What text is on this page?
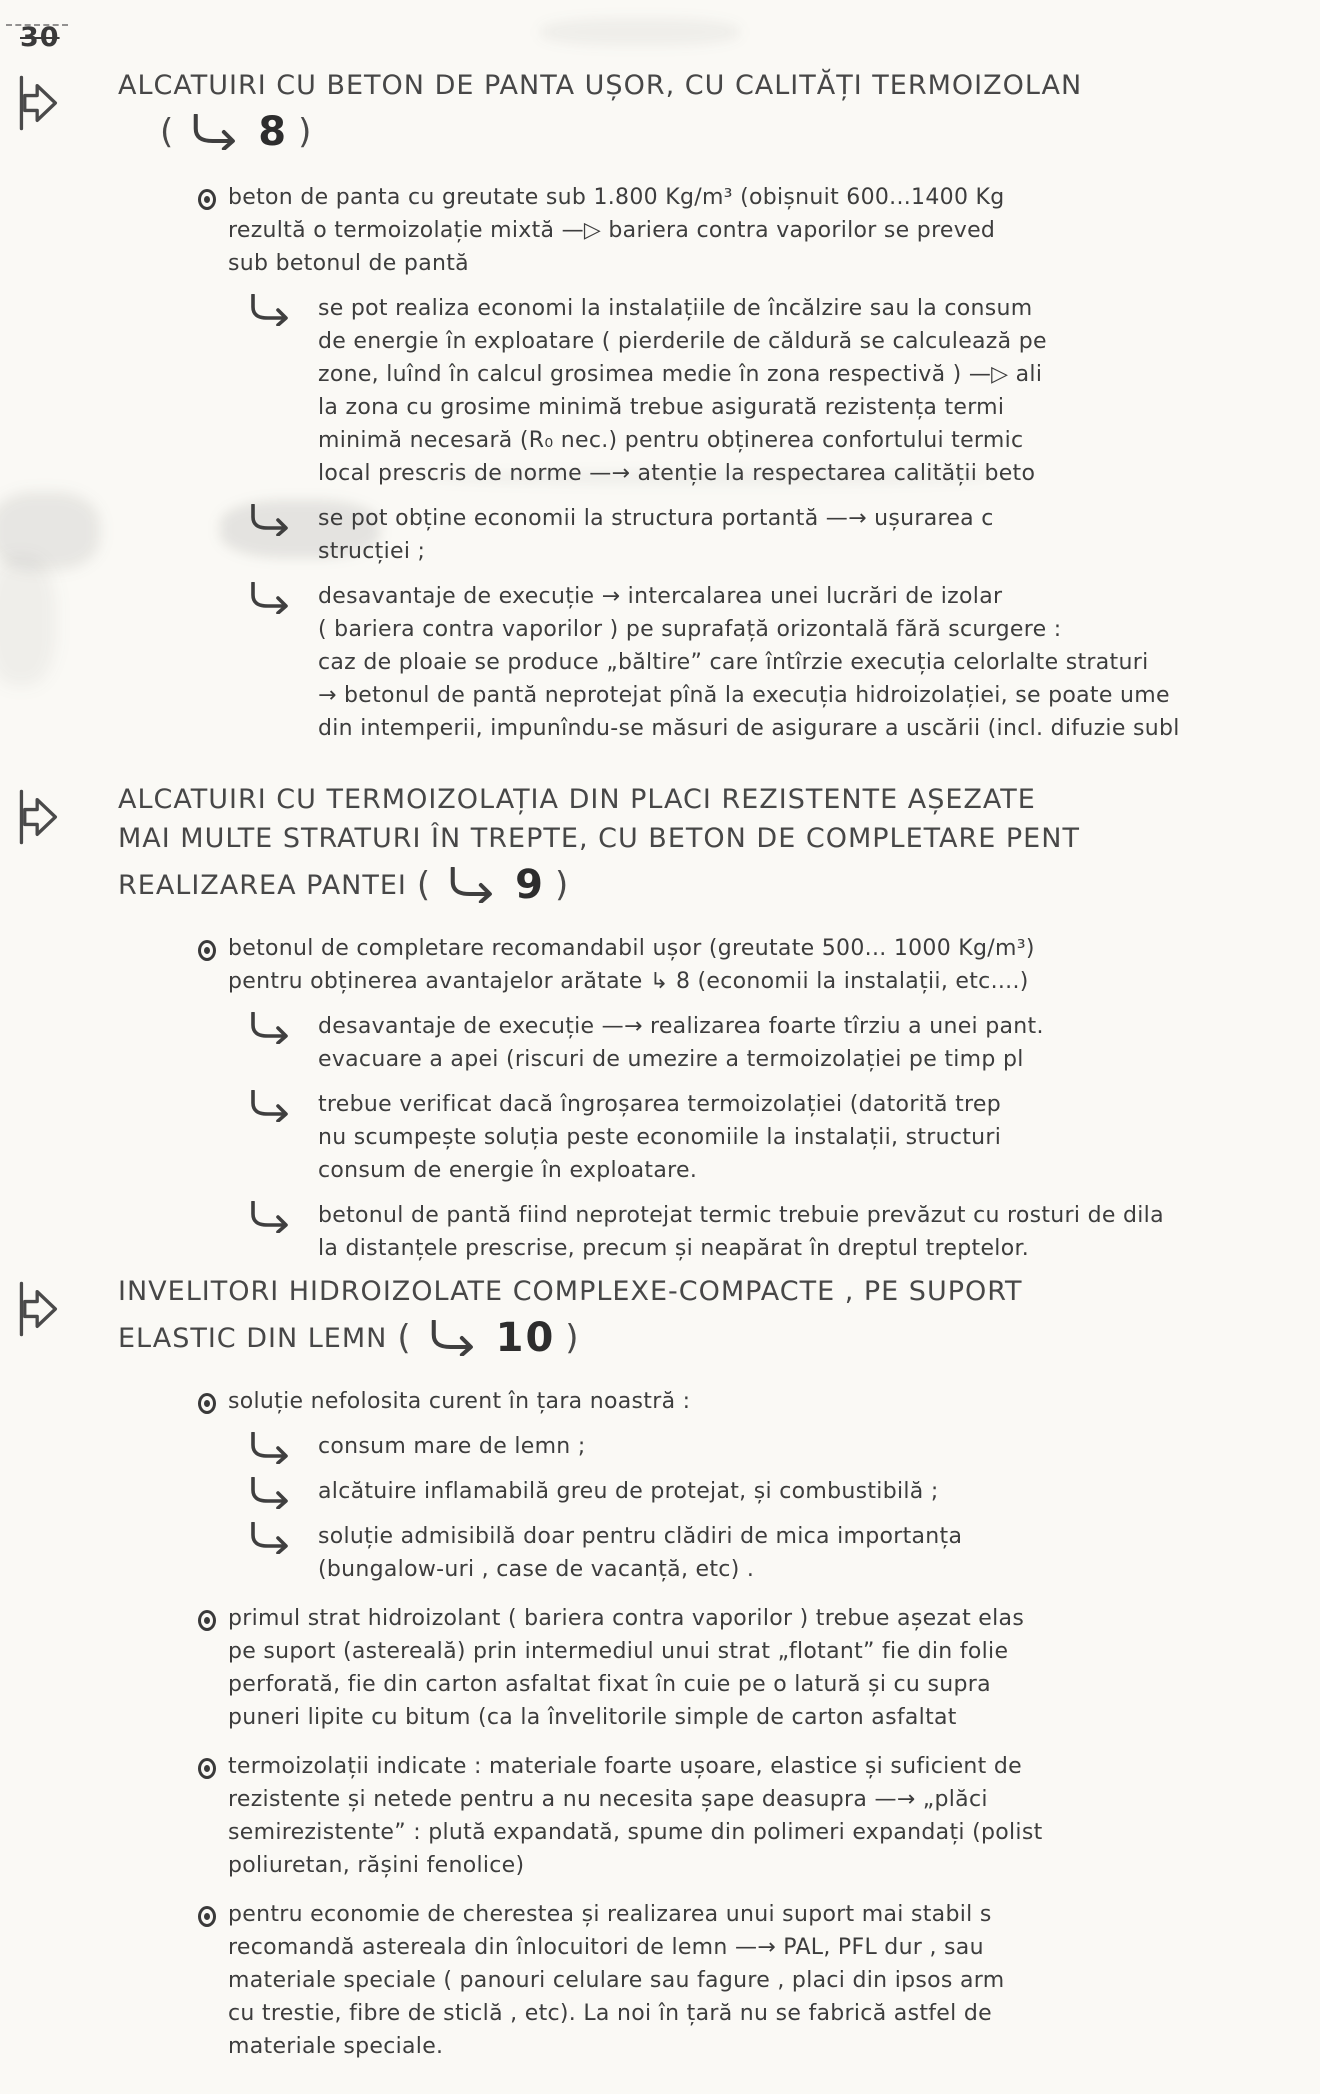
30
ALCATUIRI CU BETON DE PANTA UȘOR, CU CALITĂȚI TERMOIZOLAN
( 8 )
beton de panta cu greutate sub 1.800 Kg/m³ (obișnuit 600...1400 Kg
rezultă o termoizolație mixtă —▷ bariera contra vaporilor se preved
sub betonul de pantă
se pot realiza economi la instalațiile de încălzire sau la consum
de energie în exploatare ( pierderile de căldură se calculează pe
zone, luînd în calcul grosimea medie în zona respectivă ) —▷ ali
la zona cu grosime minimă trebue asigurată rezistența termi
minimă necesară (R₀ nec.) pentru obținerea confortului termic
local prescris de norme —→ atenție la respectarea calității beto
se pot obține economii la structura portantă —→ ușurarea c
strucției ;
desavantaje de execuție → intercalarea unei lucrări de izolar
( bariera contra vaporilor ) pe suprafață orizontală fără scurgere :
caz de ploaie se produce „băltire” care întîrzie execuția celorlalte straturi
→ betonul de pantă neprotejat pînă la execuția hidroizolației, se poate ume
din intemperii, impunîndu-se măsuri de asigurare a uscării (incl. difuzie subl
ALCATUIRI CU TERMOIZOLAȚIA DIN PLACI REZISTENTE AȘEZATE
MAI MULTE STRATURI ÎN TREPTE, CU BETON DE COMPLETARE PENT
REALIZAREA PANTEI ( 9 )
betonul de completare recomandabil ușor (greutate 500... 1000 Kg/m³)
pentru obținerea avantajelor arătate ↳ 8 (economii la instalații, etc....)
desavantaje de execuție —→ realizarea foarte tîrziu a unei pant.
evacuare a apei (riscuri de umezire a termoizolației pe timp pl
trebue verificat dacă îngroșarea termoizolației (datorită trep
nu scumpește soluția peste economiile la instalații, structuri
consum de energie în exploatare.
betonul de pantă fiind neprotejat termic trebuie prevăzut cu rosturi de dila
la distanțele prescrise, precum și neapărat în dreptul treptelor.
INVELITORI HIDROIZOLATE COMPLEXE-COMPACTE , PE SUPORT
ELASTIC DIN LEMN ( 10 )
soluție nefolosita curent în țara noastră :
consum mare de lemn ;
alcătuire inflamabilă greu de protejat, și combustibilă ;
soluție admisibilă doar pentru clădiri de mica importanța
(bungalow-uri , case de vacanță, etc) .
primul strat hidroizolant ( bariera contra vaporilor ) trebue așezat elas
pe suport (astereală) prin intermediul unui strat „flotant” fie din folie
perforată, fie din carton asfaltat fixat în cuie pe o latură și cu supra
puneri lipite cu bitum (ca la învelitorile simple de carton asfaltat
termoizolații indicate : materiale foarte ușoare, elastice și suficient de
rezistente și netede pentru a nu necesita șape deasupra —→ „plăci
semirezistente” : plută expandată, spume din polimeri expandați (polist
poliuretan, rășini fenolice)
pentru economie de cherestea și realizarea unui suport mai stabil s
recomandă astereala din înlocuitori de lemn —→ PAL, PFL dur , sau
materiale speciale ( panouri celulare sau fagure , placi din ipsos arm
cu trestie, fibre de sticlă , etc). La noi în țară nu se fabrică astfel de
materiale speciale.
